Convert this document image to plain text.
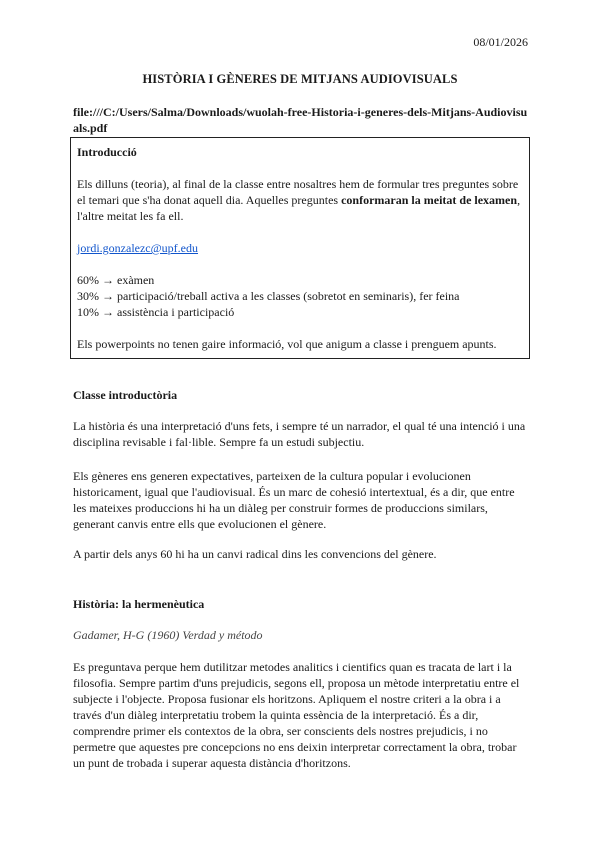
08/01/2026
HISTÒRIA I GÈNERES DE MITJANS AUDIOVISUALS
file:///C:/Users/Salma/Downloads/wuolah-free-Historia-i-generes-dels-Mitjans-Audiovisuals.pdf

Introducció

Els dilluns (teoria), al final de la classe entre nosaltres hem de formular tres preguntes sobre el temari que s'ha donat aquell dia. Aquelles preguntes conformaran la meitat de lexamen, l'altre meitat les fa ell.

jordi.gonzalezc@upf.edu

60% → exàmen

30% → participació/treball activa a les classes (sobretot en seminaris), fer feina

10% → assistència i participació

Els powerpoints no tenen gaire informació, vol que anigum a classe i prenguem apunts.

Classe introductòria

La història és una interpretació d'uns fets, i sempre té un narrador, el qual té una intenció i una disciplina revisable i fal·lible. Sempre fa un estudi subjectiu.

Els gèneres ens generen expectatives, parteixen de la cultura popular i evolucionen historicament, igual que l'audiovisual. És un marc de cohesió intertextual, és a dir, que entre les mateixes produccions hi ha un diàleg per construir formes de produccions similars, generant canvis entre ells que evolucionen el gènere.

A partir dels anys 60 hi ha un canvi radical dins les convencions del gènere.

Història: la hermenèutica
Gadamer, H-G (1960) Verdad y método

Es preguntava perque hem dutilitzar metodes analitics i cientifics quan es tracata de lart i la filosofia. Sempre partim d'uns prejudicis, segons ell, proposa un mètode interpretatiu entre el subjecte i l'objecte. Proposa fusionar els horitzons. Apliquem el nostre criteri a la obra i a través d'un diàleg interpretatiu trobem la quinta essència de la interpretació. És a dir, comprendre primer els contextos de la obra, ser conscients dels nostres prejudicis, i no permetre que aquestes pre concepcions no ens deixin interpretar correctament la obra, trobar un punt de trobada i superar aquesta distància d'horitzons.
